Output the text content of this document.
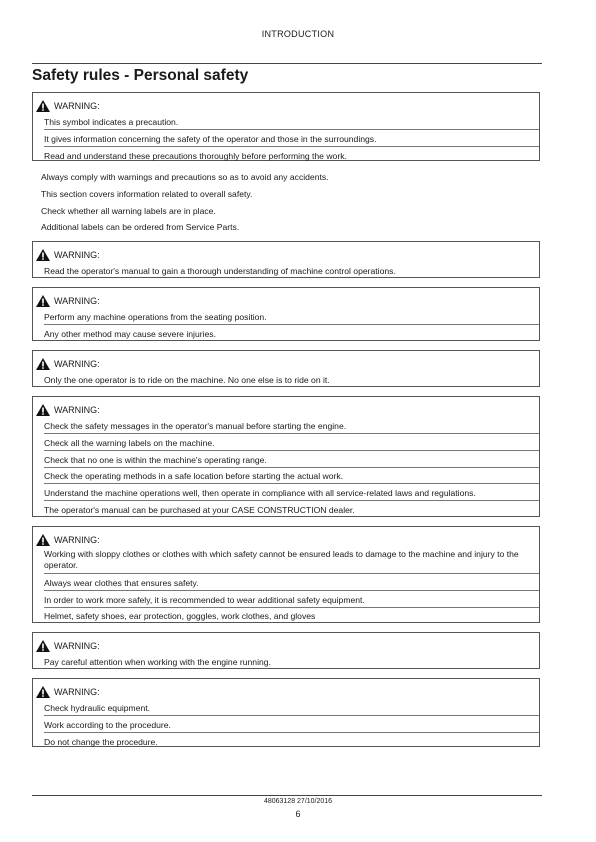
INTRODUCTION
Safety rules - Personal safety
WARNING:
This symbol indicates a precaution.
It gives information concerning the safety of the operator and those in the surroundings.
Read and understand these precautions thoroughly before performing the work.
Always comply with warnings and precautions so as to avoid any accidents.
This section covers information related to overall safety.
Check whether all warning labels are in place.
Additional labels can be ordered from Service Parts.
WARNING:
Read the operator's manual to gain a thorough understanding of machine control operations.
WARNING:
Perform any machine operations from the seating position.
Any other method may cause severe injuries.
WARNING:
Only the one operator is to ride on the machine. No one else is to ride on it.
WARNING:
Check the safety messages in the operator's manual before starting the engine.
Check all the warning labels on the machine.
Check that no one is within the machine's operating range.
Check the operating methods in a safe location before starting the actual work.
Understand the machine operations well, then operate in compliance with all service-related laws and regulations.
The operator's manual can be purchased at your CASE CONSTRUCTION dealer.
WARNING:
Working with sloppy clothes or clothes with which safety cannot be ensured leads to damage to the machine and injury to the operator.
Always wear clothes that ensures safety.
In order to work more safely, it is recommended to wear additional safety equipment.
Helmet, safety shoes, ear protection, goggles, work clothes, and gloves
WARNING:
Pay careful attention when working with the engine running.
WARNING:
Check hydraulic equipment.
Work according to the procedure.
Do not change the procedure.
48063128 27/10/2016
6
